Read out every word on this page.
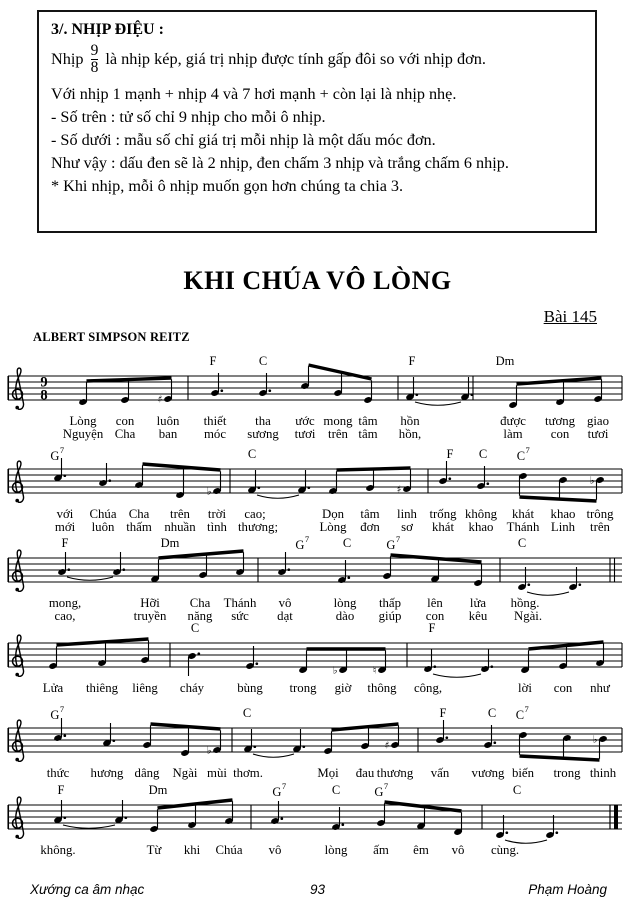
3/. NHỊP ĐIỆU :
Nhịp $\frac{9}{8}$ là nhịp kép, giá trị nhịp được tính gấp đôi so với nhịp đơn.

Với nhịp 1 mạnh + nhịp 4 và 7 hơi mạnh + còn lại là nhịp nhẹ.

- Số trên : tử số chỉ 9 nhịp cho mỗi ô nhịp.

- Số dưới : mẫu số chỉ giá trị mỗi nhịp là một dấu móc đơn.

Như vậy : dấu đen sẽ là 2 nhịp, đen chấm 3 nhịp và trắng chấm 6 nhịp.

* Khi nhịp, mỗi ô nhịp muốn gọn hơn chúng ta chia 3.

KHI CHÚA VÔ LÒNG
Bài 145
ALBERT SIMPSON REITZ
9
8	♯
♭	♯
♭
♭	♮
♭	♯
♭
F	C	F	Dm
Lòng con luôn thiết tha ước mong tâm hồn	được tương giao
Nguyện Cha ban móc sương tươi trên tâm hồn,	làm con tươi
$G^7$	C	F C $C^7$
với Chúa Cha trên trời cao;	Dọn tâm linh trống không khát khao trông
mới luôn thấm nhuần tình thương;	Lòng đơn sơ khát khao Thánh Linh trên
F	Dm	$G^7$	C	$G^7$	C
mong,	Hỡi Cha Thánh vô	lòng thấp lên lửa hồng.
cao,	truyền năng sức dạt	dào giúp con kêu Ngài.
C	F
Lửa thiêng liêng cháy	bùng trong giờ thông công,	lời con như
$G^7$	C	F	C $C^7$
thức hương dâng Ngài mùi thơm.	Mọi đau thương vấn vương biến trong thinh
F	Dm	$G^7$	C	$G^7$	C
không.	Từ khi Chúa vô	lòng ấm êm vô cùng.
Xướng ca âm nhạc	93	Phạm Hoàng
